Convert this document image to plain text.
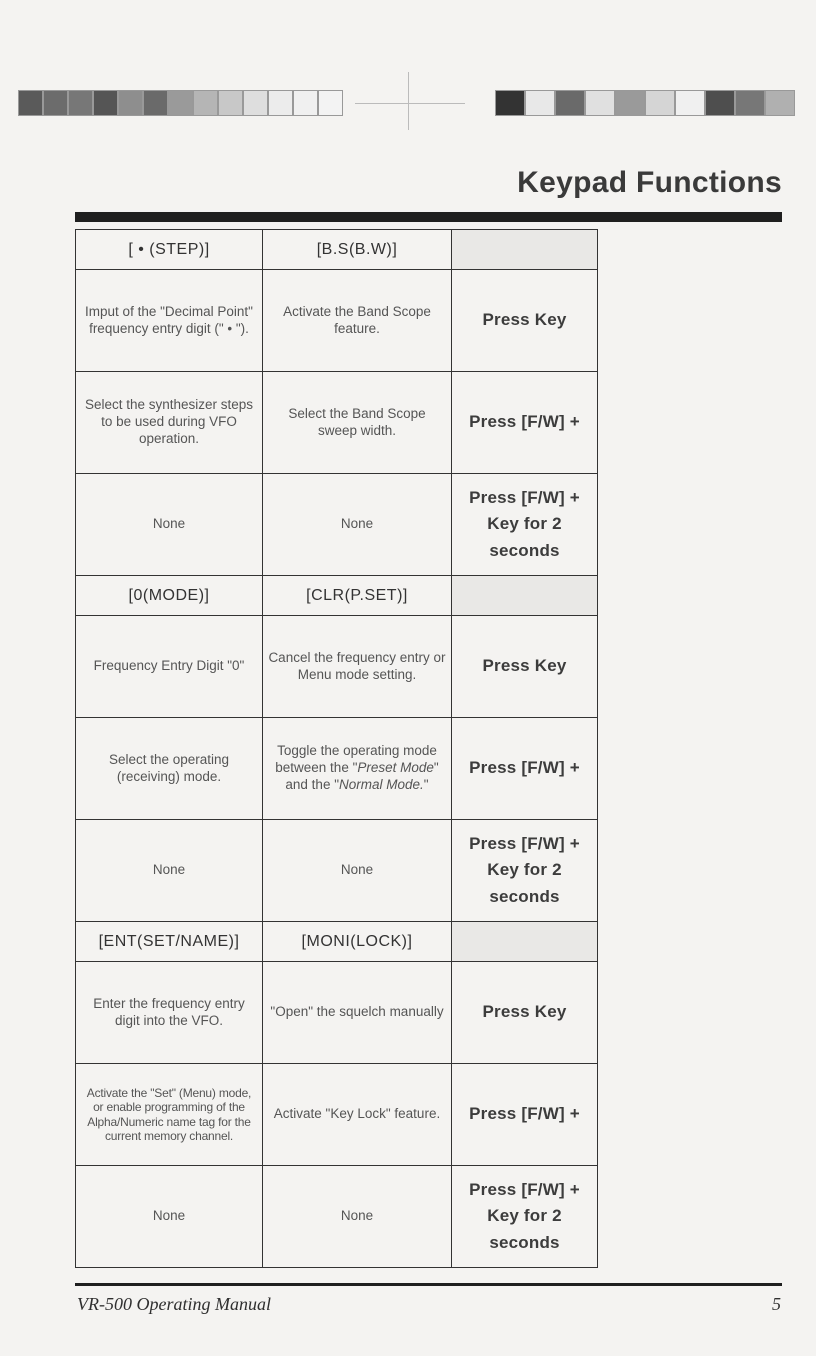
Keypad Functions
[ • (STEP)]	[B.S(B.W)]	
Imput of the "Decimal Point" frequency entry digit (" • ").	Activate the Band Scope feature.	Press Key
Select the synthesizer steps to be used during VFO operation.	Select the Band Scope sweep width.	Press [F/W] +
None	None	Press [F/W] + Key for 2 seconds
[0(MODE)]	[CLR(P.SET)]	
Frequency Entry Digit "0"	Cancel the frequency entry or Menu mode setting.	Press Key
Select the operating (receiving) mode.	Toggle the operating mode between the "Preset Mode" and the "Normal Mode."	Press [F/W] +
None	None	Press [F/W] + Key for 2 seconds
[ENT(SET/NAME)]	[MONI(LOCK)]	
Enter the frequency entry digit into the VFO.	"Open" the squelch manually	Press Key
Activate the "Set" (Menu) mode, or enable programming of the Alpha/Numeric name tag for the current memory channel.	Activate "Key Lock" feature.	Press [F/W] +
None	None	Press [F/W] + Key for 2 seconds
VR-500 Operating Manual	5
